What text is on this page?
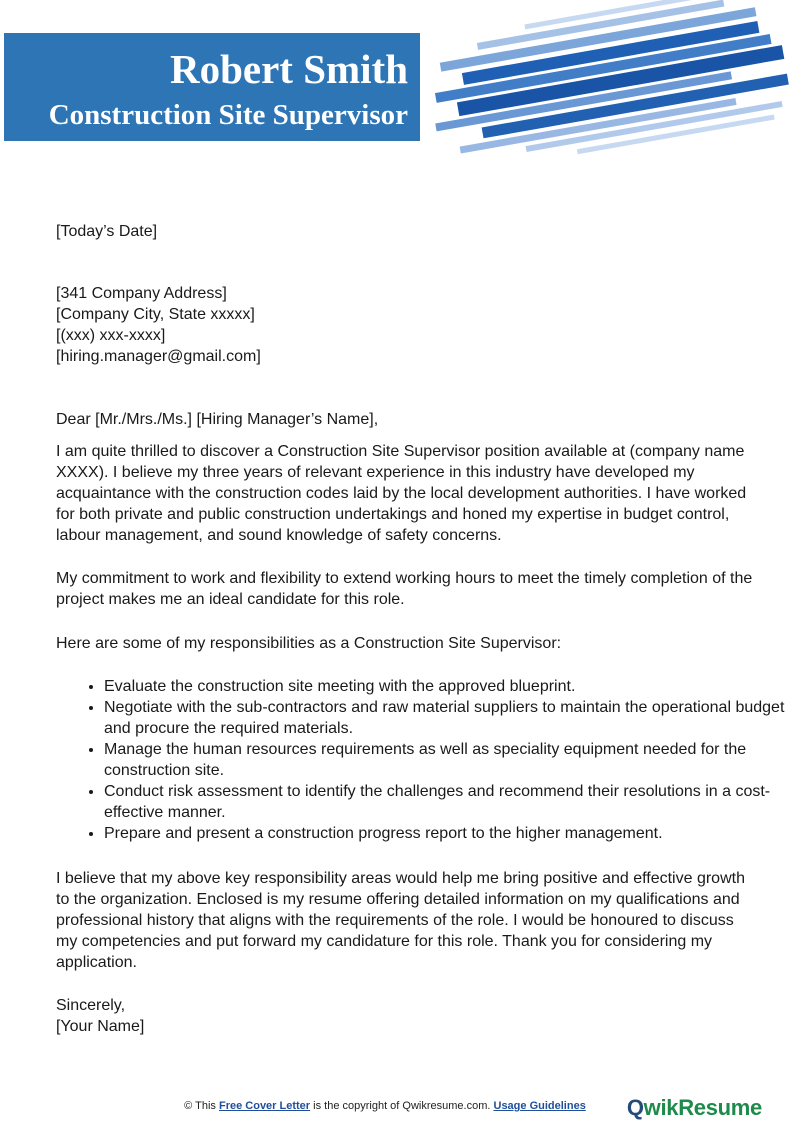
Robert Smith
Construction Site Supervisor

[Today’s Date]

[341 Company Address]
[Company City, State xxxxx]
[(xxx) xxx-xxxx]
[hiring.manager@gmail.com]

Dear [Mr./Mrs./Ms.] [Hiring Manager’s Name],

I am quite thrilled to discover a Construction Site Supervisor position available at (company name XXXX). I believe my three years of relevant experience in this industry have developed my acquaintance with the construction codes laid by the local development authorities. I have worked for both private and public construction undertakings and honed my expertise in budget control, labour management, and sound knowledge of safety concerns.

My commitment to work and flexibility to extend working hours to meet the timely completion of the project makes me an ideal candidate for this role.

Here are some of my responsibilities as a Construction Site Supervisor:

• Evaluate the construction site meeting with the approved blueprint.
• Negotiate with the sub-contractors and raw material suppliers to maintain the operational budget and procure the required materials.
• Manage the human resources requirements as well as speciality equipment needed for the construction site.
• Conduct risk assessment to identify the challenges and recommend their resolutions in a cost-effective manner.
• Prepare and present a construction progress report to the higher management.

I believe that my above key responsibility areas would help me bring positive and effective growth to the organization. Enclosed is my resume offering detailed information on my qualifications and professional history that aligns with the requirements of the role. I would be honoured to discuss my competencies and put forward my candidature for this role. Thank you for considering my application.

Sincerely,
[Your Name]
© This Free Cover Letter is the copyright of Qwikresume.com. Usage Guidelines	QwikResume
